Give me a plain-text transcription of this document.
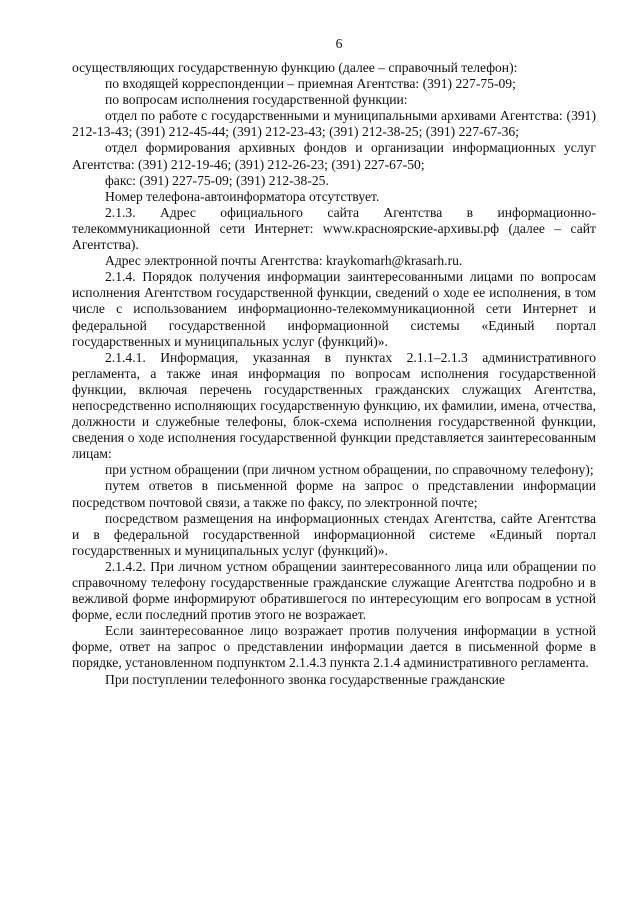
6

осуществляющих государственную функцию (далее – справочный телефон):

по входящей корреспонденции – приемная Агентства: (391) 227-75-09;

по вопросам исполнения государственной функции:

отдел по работе с государственными и муниципальными архивами Агентства: (391) 212-13-43; (391) 212-45-44; (391) 212-23-43; (391) 212-38-25; (391) 227-67-36;

отдел формирования архивных фондов и организации информационных услуг Агентства: (391) 212-19-46; (391) 212-26-23; (391) 227-67-50;

факс: (391) 227-75-09; (391) 212-38-25.

Номер телефона-автоинформатора отсутствует.

2.1.3. Адрес официального сайта Агентства в информационно-телекоммуникационной сети Интернет: www.красноярские-архивы.рф (далее – сайт Агентства).

Адрес электронной почты Агентства: kraykomarh@krasarh.ru.

2.1.4. Порядок получения информации заинтересованными лицами по вопросам исполнения Агентством государственной функции, сведений о ходе ее исполнения, в том числе с использованием информационно-телекоммуникационной сети Интернет и федеральной государственной информационной системы «Единый портал государственных и муниципальных услуг (функций)».

2.1.4.1. Информация, указанная в пунктах 2.1.1–2.1.3 административного регламента, а также иная информация по вопросам исполнения государственной функции, включая перечень государственных гражданских служащих Агентства, непосредственно исполняющих государственную функцию, их фамилии, имена, отчества, должности и служебные телефоны, блок-схема исполнения государственной функции, сведения о ходе исполнения государственной функции представляется заинтересованным лицам:

при устном обращении (при личном устном обращении, по справочному телефону);

путем ответов в письменной форме на запрос о представлении информации посредством почтовой связи, а также по факсу, по электронной почте;

посредством размещения на информационных стендах Агентства, сайте Агентства и в федеральной государственной информационной системе «Единый портал государственных и муниципальных услуг (функций)».

2.1.4.2. При личном устном обращении заинтересованного лица или обращении по справочному телефону государственные гражданские служащие Агентства подробно и в вежливой форме информируют обратившегося по интересующим его вопросам в устной форме, если последний против этого не возражает.

Если заинтересованное лицо возражает против получения информации в устной форме, ответ на запрос о представлении информации дается в письменной форме в порядке, установленном подпунктом 2.1.4.3 пункта 2.1.4 административного регламента.

При поступлении телефонного звонка государственные гражданские
